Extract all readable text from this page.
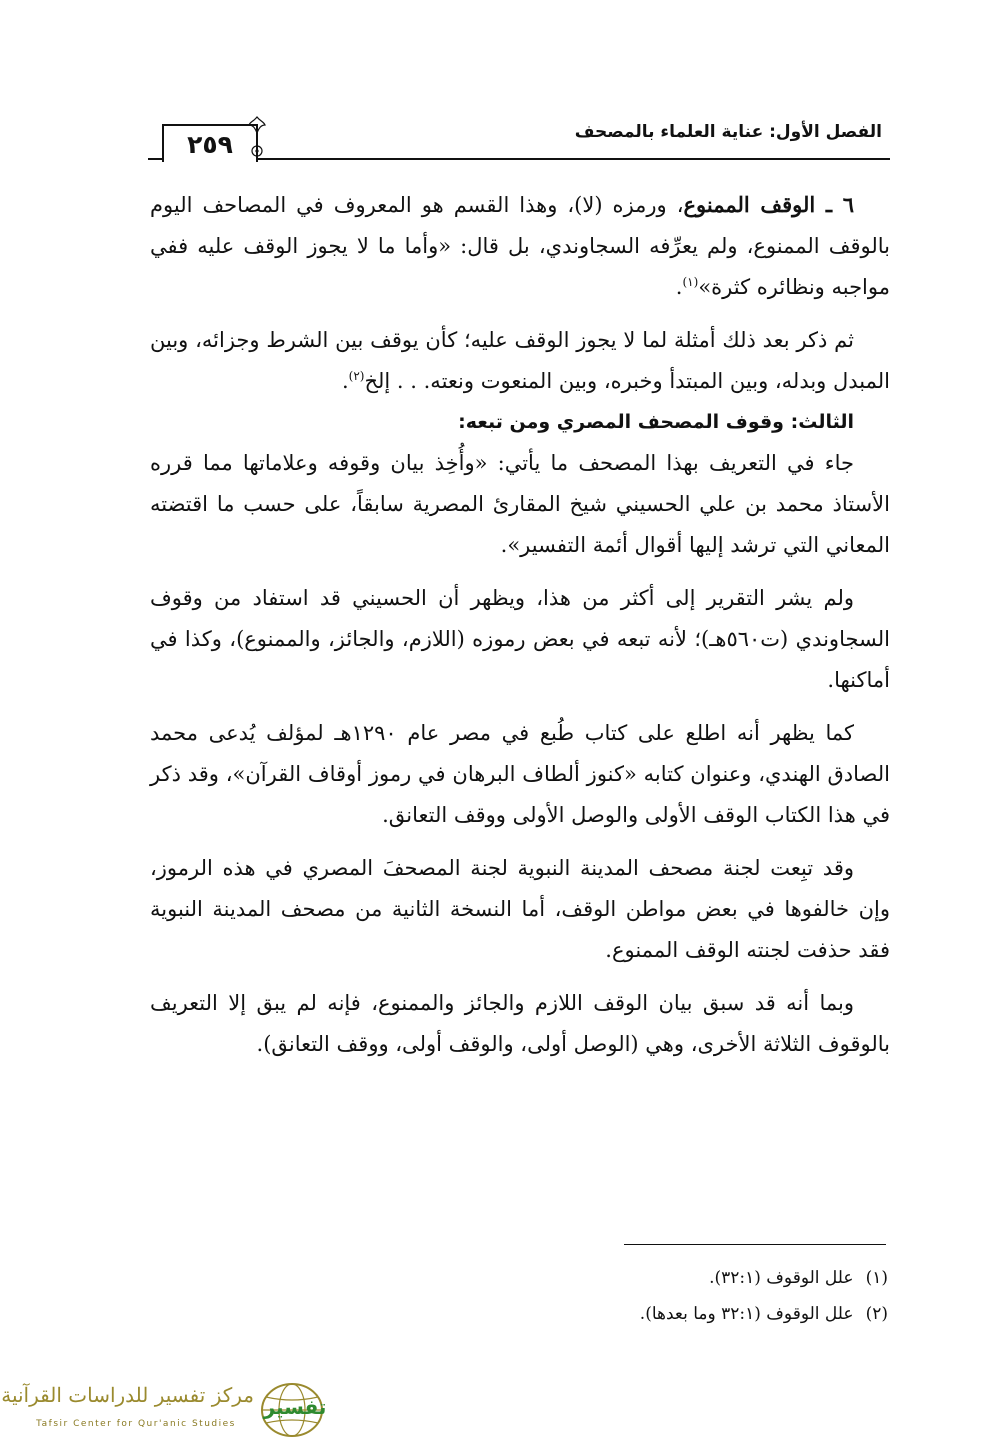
٢٥٩	الفصل الأول: عناية العلماء بالمصحف

٦ ـ الوقف الممنوع، ورمزه (لا)، وهذا القسم هو المعروف في المصاحف اليوم بالوقف الممنوع، ولم يعرِّفه السجاوندي، بل قال: «وأما ما لا يجوز الوقف عليه ففي مواجبه ونظائره كثرة»$^{(١)}$.

ثم ذكر بعد ذلك أمثلة لما لا يجوز الوقف عليه؛ كأن يوقف بين الشرط وجزائه، وبين المبدل وبدله، وبين المبتدأ وخبره، وبين المنعوت ونعته. . . إلخ$^{(٢)}$.

الثالث: وقوف المصحف المصري ومن تبعه:

جاء في التعريف بهذا المصحف ما يأتي: «وأُخِذ بيان وقوفه وعلاماتها مما قرره الأستاذ محمد بن علي الحسيني شيخ المقارئ المصرية سابقاً، على حسب ما اقتضته المعاني التي ترشد إليها أقوال أئمة التفسير».

ولم يشر التقرير إلى أكثر من هذا، ويظهر أن الحسيني قد استفاد من وقوف السجاوندي (ت٥٦٠هـ)؛ لأنه تبعه في بعض رموزه (اللازم، والجائز، والممنوع)، وكذا في أماكنها.

كما يظهر أنه اطلع على كتاب طُبع في مصر عام ١٢٩٠هـ لمؤلف يُدعى محمد الصادق الهندي، وعنوان كتابه «كنوز ألطاف البرهان في رموز أوقاف القرآن»، وقد ذكر في هذا الكتاب الوقف الأولى والوصل الأولى ووقف التعانق.

وقد تبِعت لجنة مصحف المدينة النبوية لجنة المصحفَ المصري في هذه الرموز، وإن خالفوها في بعض مواطن الوقف، أما النسخة الثانية من مصحف المدينة النبوية فقد حذفت لجنته الوقف الممنوع.

وبما أنه قد سبق بيان الوقف اللازم والجائز والممنوع، فإنه لم يبق إلا التعريف بالوقوف الثلاثة الأخرى، وهي (الوصل أولى، والوقف أولى، ووقف التعانق).

(١)علل الوقوف (٣٢:١).
(٢)علل الوقوف (٣٢:١ وما بعدها).
تفسير
مركز تفسير للدراسات القرآنية
Tafsir Center for Qur'anic Studies
